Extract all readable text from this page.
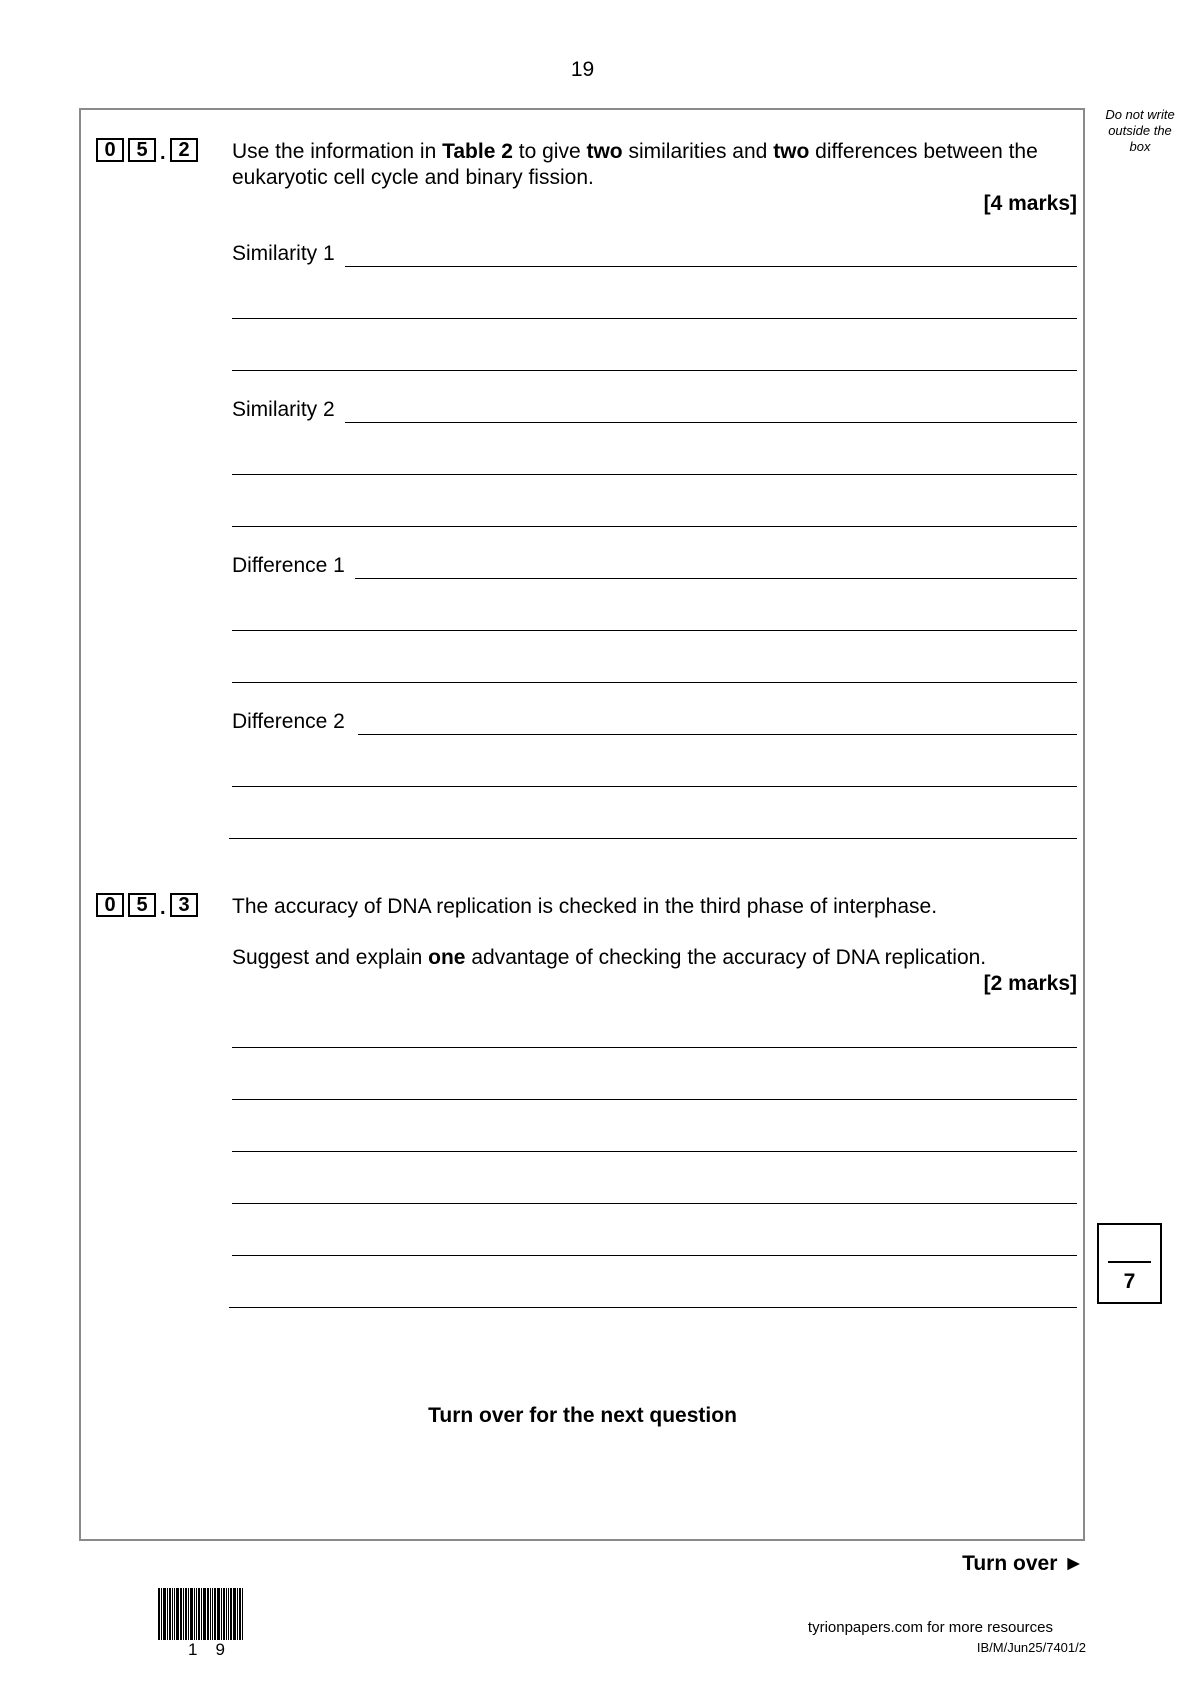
19
Do not write
outside the
box
0	5 . 2	Use the information in Table 2 to give two similarities and two differences between the eukaryotic cell cycle and binary fission.
[4 marks]
Similarity 1
Similarity 2
Difference 1
Difference 2
0	5 . 3	The accuracy of DNA replication is checked in the third phase of interphase.
Suggest and explain one advantage of checking the accuracy of DNA replication.
[2 marks]
7
Turn over for the next question
Turn over ►
19
tyrionpapers.com for more resources
IB/M/Jun25/7401/2
